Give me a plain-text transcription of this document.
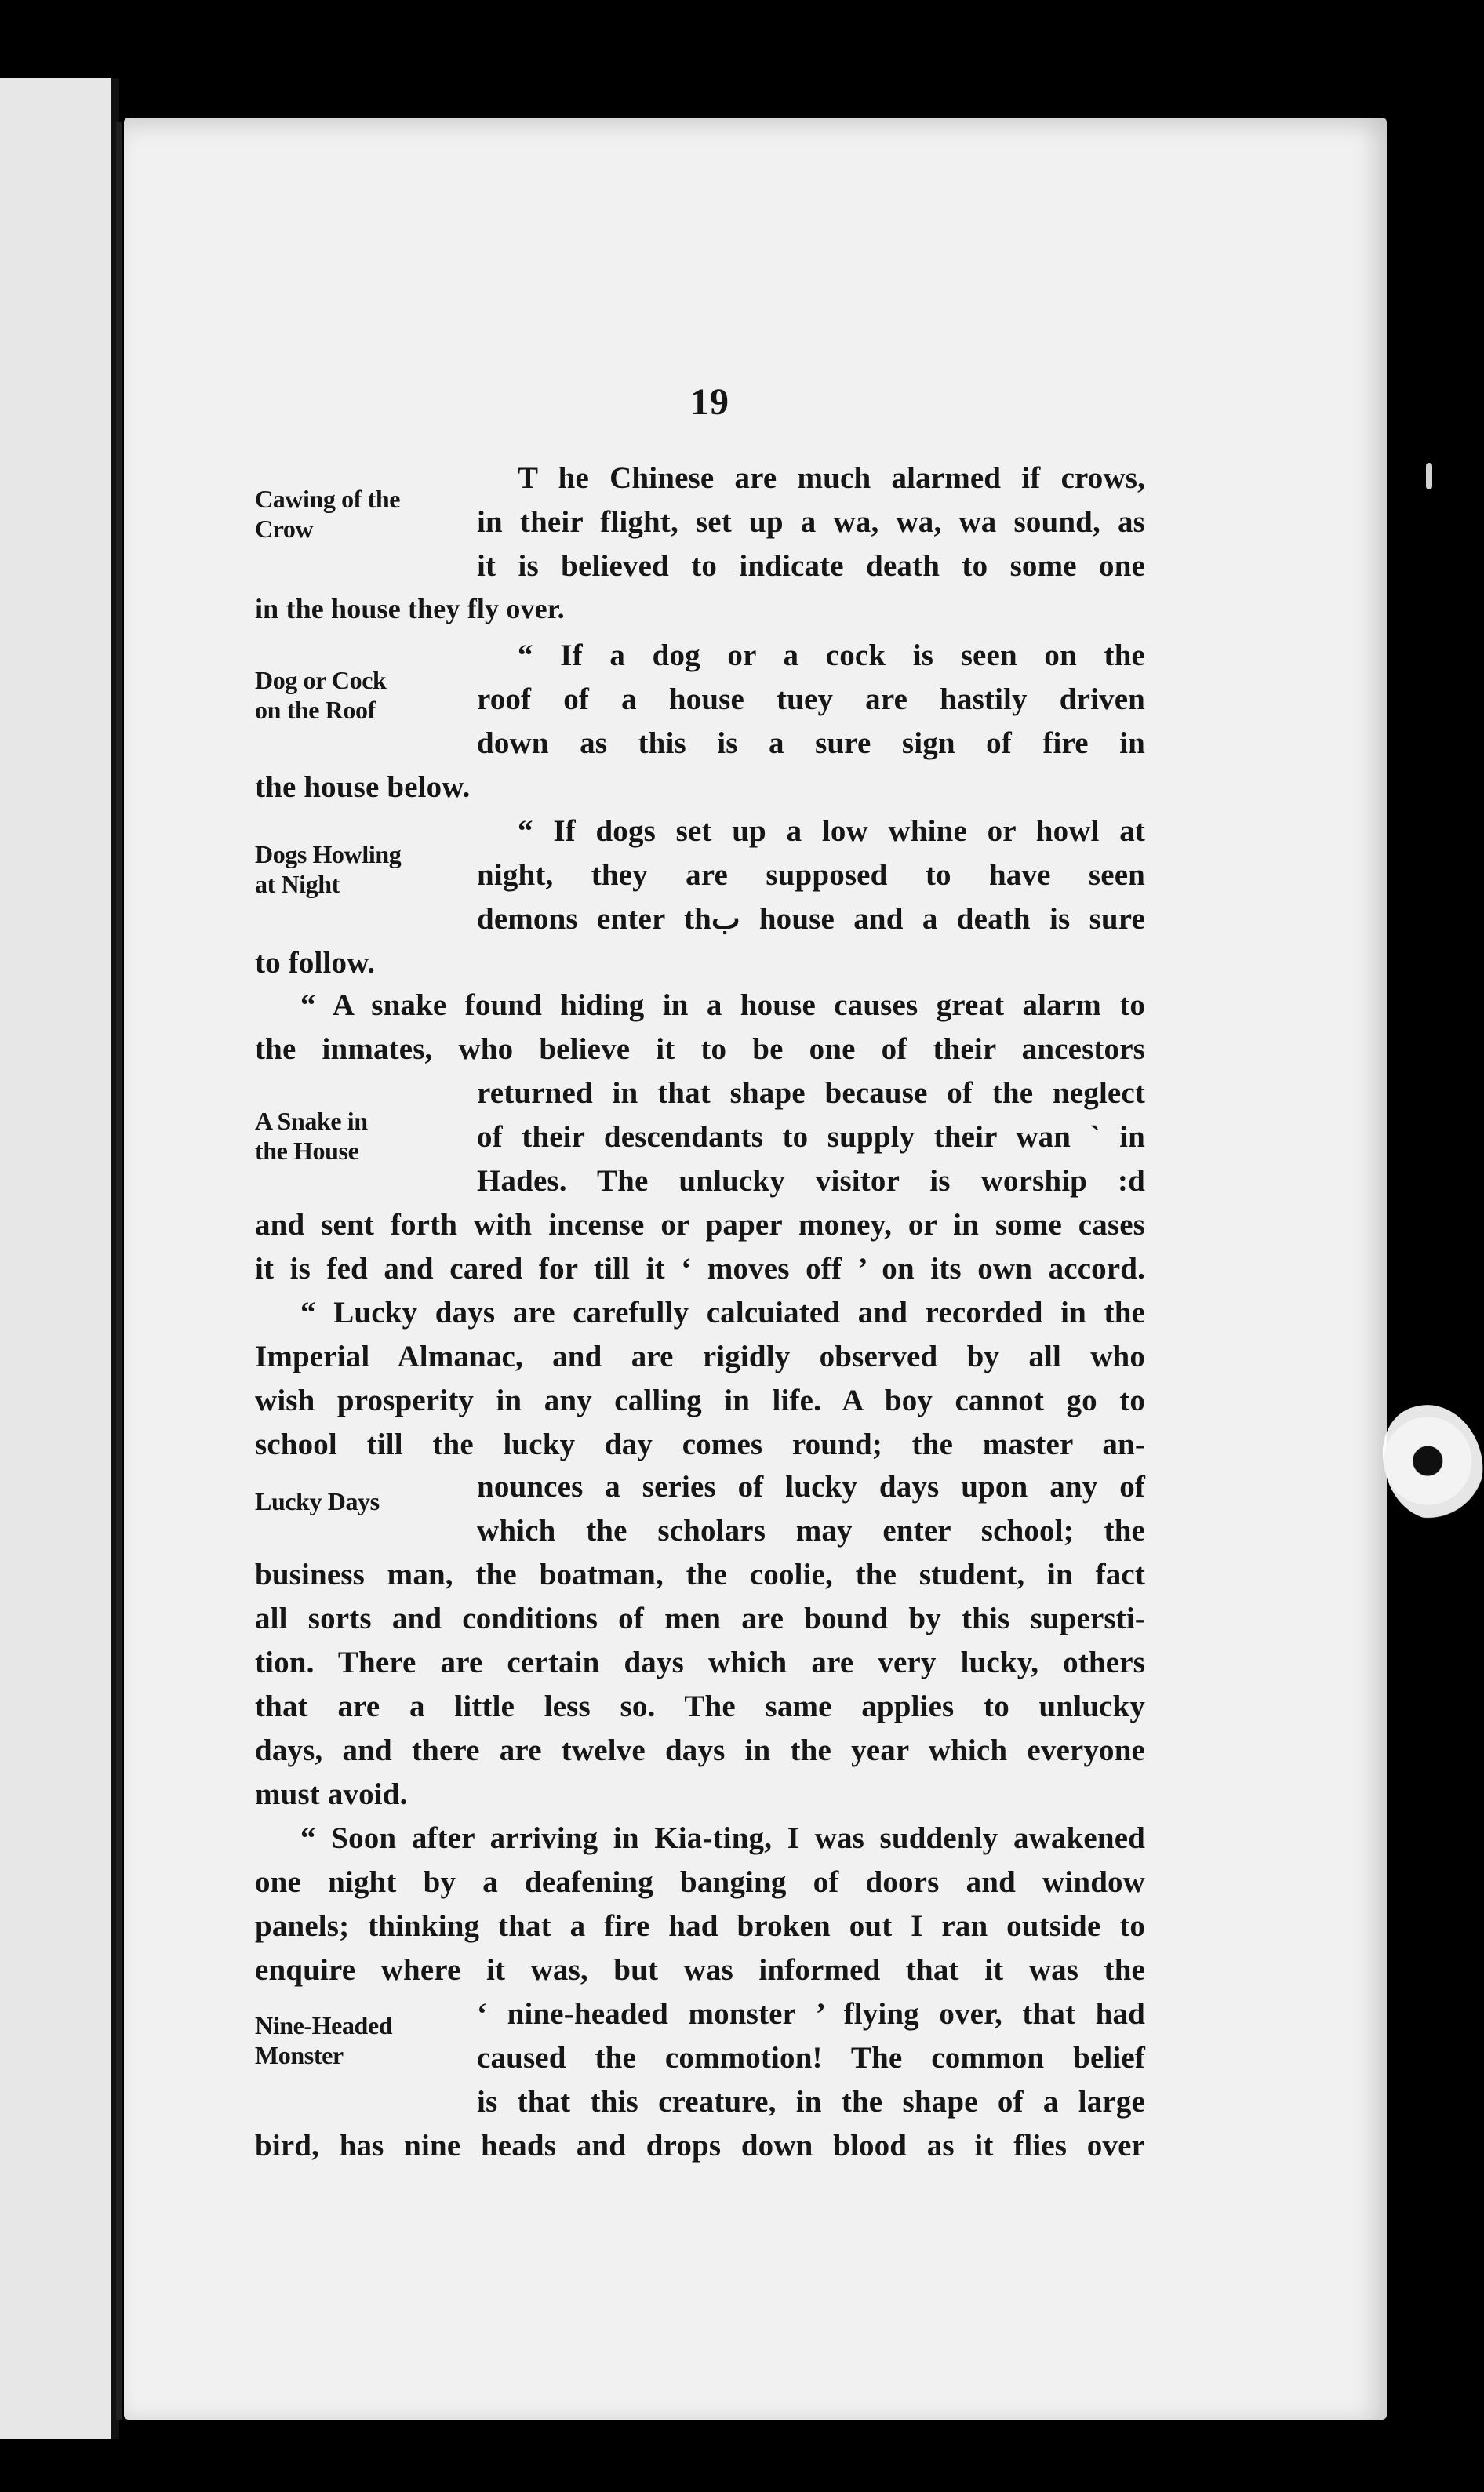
19
Cawing of the
Crow
T he Chinese are much alarmed if crows,
in their flight, set up a wa, wa, wa sound, as
it is believed to indicate death to some one
in the house they fly over.
Dog or Cock
on the Roof
“ If a dog or a cock is seen on the
roof of a house tuey are hastily driven
down as this is a sure sign of fire in
the house below.
Dogs Howling
at Night
“ If dogs set up a low whine or howl at
night, they are supposed to have seen
demons enter thب house and a death is sure
to follow.
“ A snake found hiding in a house causes great alarm to
the inmates, who believe it to be one of their ancestors
A Snake in
the House
returned in that shape because of the neglect
of their descendants to supply their wan ` in
Hades. The unlucky visitor is worship :d
and sent forth with incense or paper money, or in some cases
it is fed and cared for till it ‘ moves off ’ on its own accord.
“ Lucky days are carefully calcuiated and recorded in the
Imperial Almanac, and are rigidly observed by all who
wish prosperity in any calling in life. A boy cannot go to
school till the lucky day comes round; the master an-
Lucky Days	nounces a series of lucky days upon any of
which the scholars may enter school; the
business man, the boatman, the coolie, the student, in fact
all sorts and conditions of men are bound by this supersti-
tion. There are certain days which are very lucky, others
that are a little less so. The same applies to unlucky
days, and there are twelve days in the year which everyone
must avoid.
“ Soon after arriving in Kia-ting, I was suddenly awakened
one night by a deafening banging of doors and window
panels; thinking that a fire had broken out I ran outside to
enquire where it was, but was informed that it was the
Nine-Headed
Monster
‘ nine-headed monster ’ flying over, that had
caused the commotion! The common belief
is that this creature, in the shape of a large
bird, has nine heads and drops down blood as it flies over
